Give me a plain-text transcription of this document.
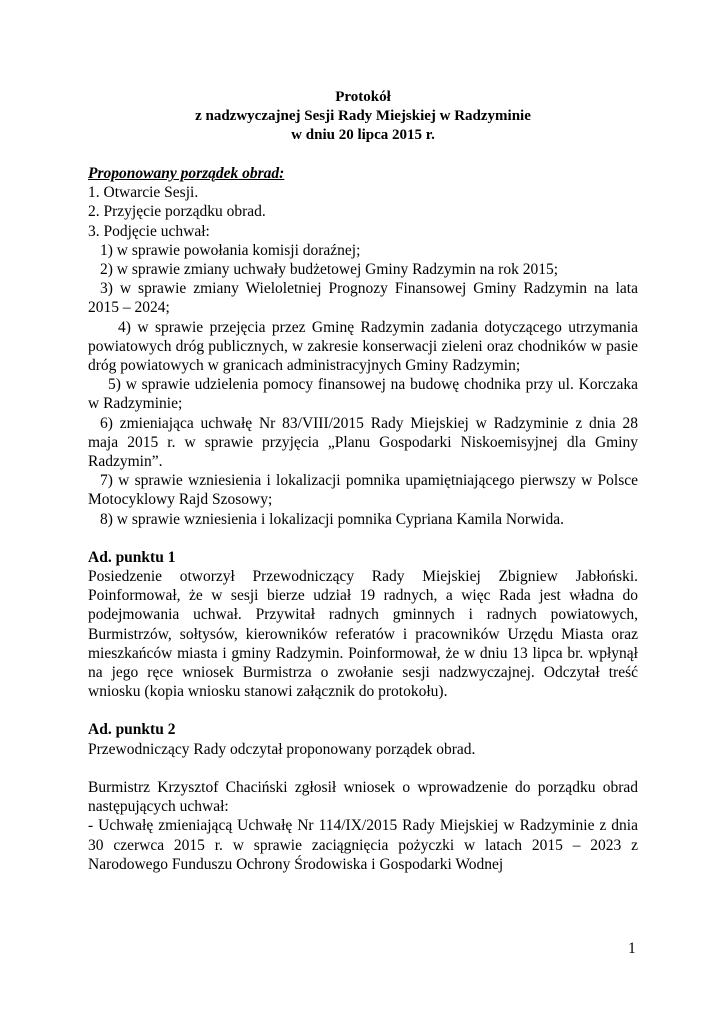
Protokół
z nadzwyczajnej Sesji Rady Miejskiej w Radzyminie
w dniu 20 lipca 2015 r.
Proponowany porządek obrad:
1. Otwarcie Sesji.
2. Przyjęcie porządku obrad.
3. Podjęcie uchwał:
1) w sprawie powołania komisji doraźnej;
2) w sprawie zmiany uchwały budżetowej Gminy Radzymin na rok 2015;
3) w sprawie zmiany Wieloletniej Prognozy Finansowej Gminy Radzymin na lata 2015 – 2024;
4) w sprawie przejęcia przez Gminę Radzymin zadania dotyczącego utrzymania powiatowych dróg publicznych, w zakresie konserwacji zieleni oraz chodników w pasie dróg powiatowych w granicach administracyjnych Gminy Radzymin;
5) w sprawie udzielenia pomocy finansowej na budowę chodnika przy ul. Korczaka w Radzyminie;
6) zmieniająca uchwałę Nr 83/VIII/2015 Rady Miejskiej w Radzyminie z dnia 28 maja 2015 r. w sprawie przyjęcia „Planu Gospodarki Niskoemisyjnej dla Gminy Radzymin”.
7) w sprawie wzniesienia i lokalizacji pomnika upamiętniającego pierwszy w Polsce Motocyklowy Rajd Szosowy;
8) w sprawie wzniesienia i lokalizacji pomnika Cypriana Kamila Norwida.
Ad. punktu 1
Posiedzenie otworzył Przewodniczący Rady Miejskiej Zbigniew Jabłoński. Poinformował, że w sesji bierze udział 19 radnych, a więc Rada jest władna do podejmowania uchwał. Przywitał radnych gminnych i radnych powiatowych, Burmistrzów, sołtysów, kierowników referatów i pracowników Urzędu Miasta oraz mieszkańców miasta i gminy Radzymin. Poinformował, że w dniu 13 lipca br. wpłynął na jego ręce wniosek Burmistrza o zwołanie sesji nadzwyczajnej. Odczytał treść wniosku (kopia wniosku stanowi załącznik do protokołu).
Ad. punktu 2
Przewodniczący Rady odczytał proponowany porządek obrad.
Burmistrz Krzysztof Chaciński zgłosił wniosek o wprowadzenie do porządku obrad następujących uchwał:
- Uchwałę zmieniającą Uchwałę Nr 114/IX/2015 Rady Miejskiej w Radzyminie z dnia 30 czerwca 2015 r. w sprawie zaciągnięcia pożyczki w latach 2015 – 2023 z Narodowego Funduszu Ochrony Środowiska i Gospodarki Wodnej
1
